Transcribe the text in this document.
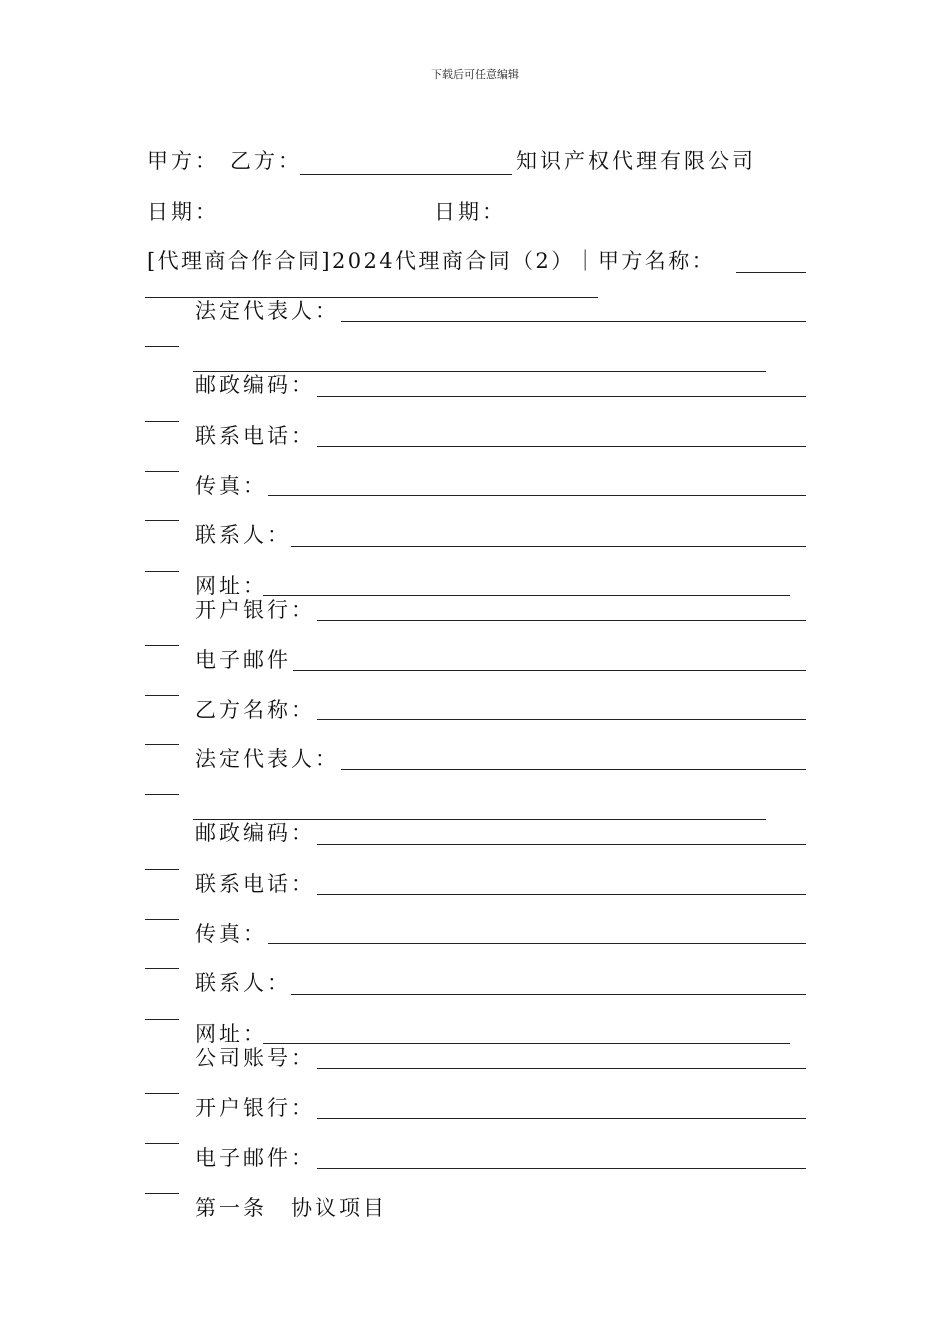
下载后可任意编辑
甲方： 乙方：	知识产权代理有限公司
日期：	日期：
[代理商合作合同]2024代理商合同（2）｜甲方名称：
法定代表人：
邮政编码：
联系电话：
传真：
联系人：
网址：
开户银行：
电子邮件
乙方名称：
法定代表人：
邮政编码：
联系电话：
传真：
联系人：
网址：
公司账号：
开户银行：
电子邮件：
第一条　协议项目
